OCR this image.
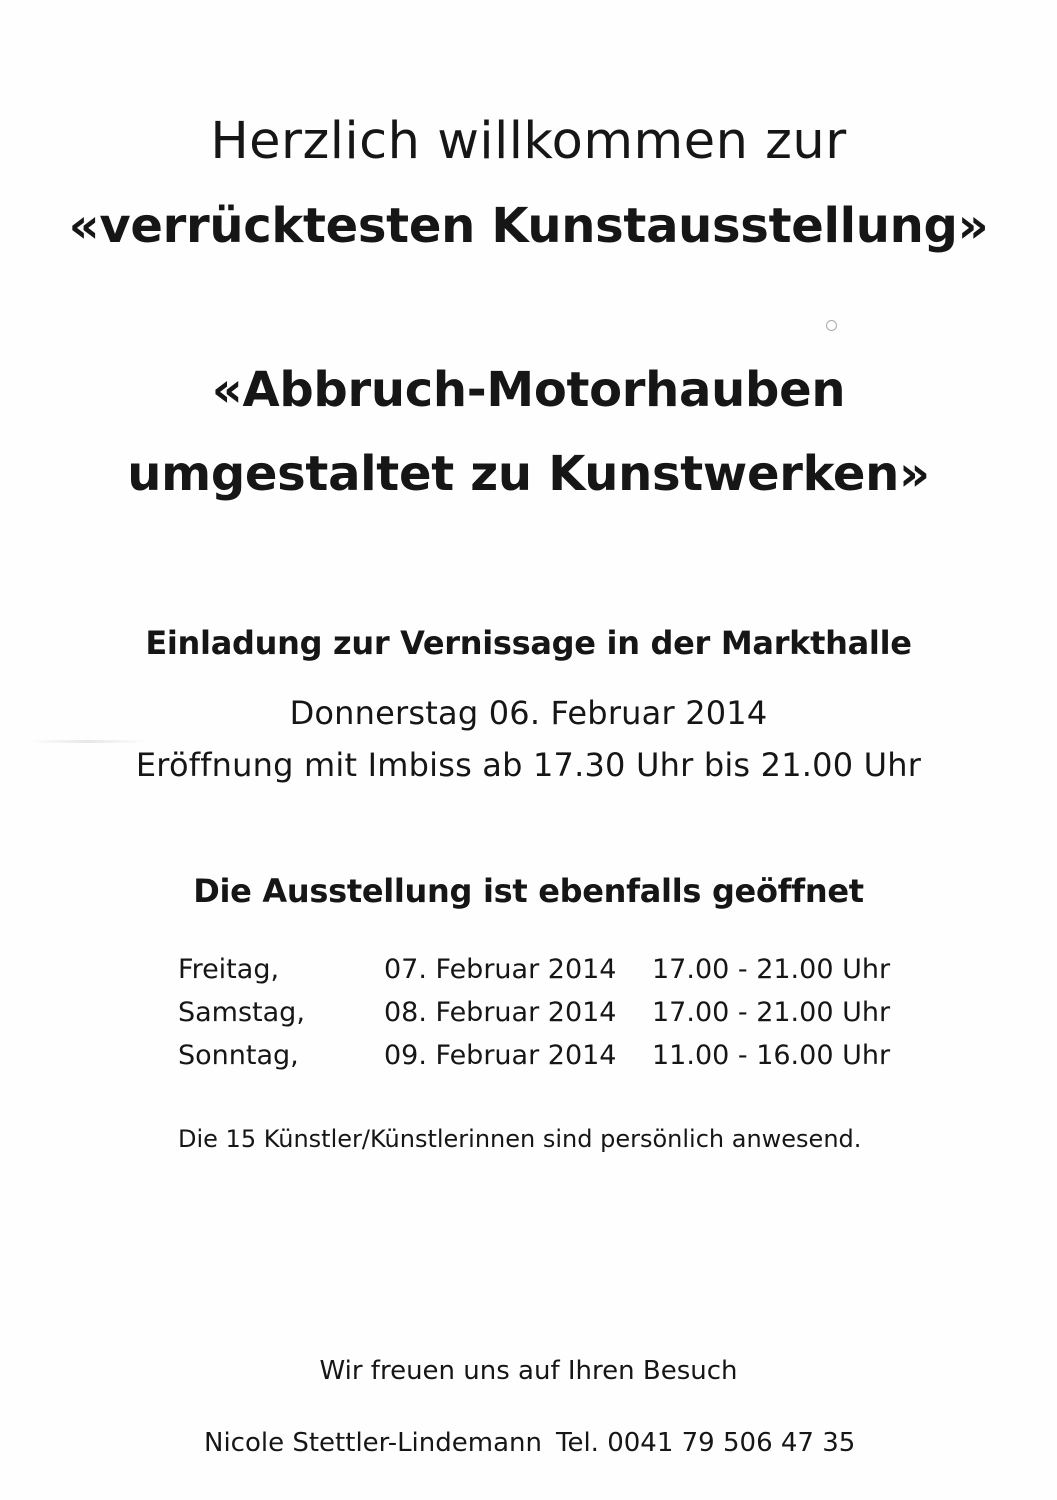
Herzlich willkommen zur

«verrücktesten Kunstausstellung»

«Abbruch-Motorhauben

umgestaltet zu Kunstwerken»

Einladung zur Vernissage in der Markthalle

Donnerstag 06. Februar 2014

Eröffnung mit Imbiss ab 17.30 Uhr bis 21.00 Uhr

Die Ausstellung ist ebenfalls geöffnet

Freitag,	07. Februar 2014 17.00 - 21.00 Uhr
Samstag,	08. Februar 2014 17.00 - 21.00 Uhr
Sonntag,	09. Februar 2014 11.00 - 16.00 Uhr

Die 15 Künstler/Künstlerinnen sind persönlich anwesend.

Wir freuen uns auf Ihren Besuch

Nicole Stettler-Lindemann Tel. 0041 79 506 47 35
